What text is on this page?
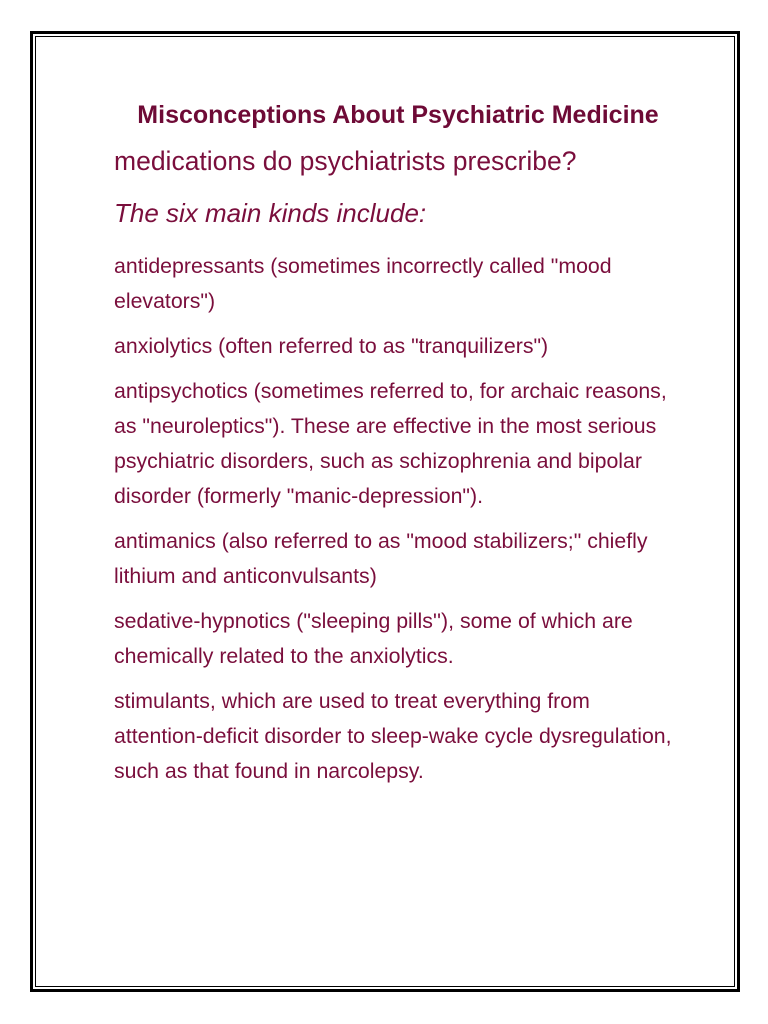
Misconceptions About Psychiatric Medicine

medications do psychiatrists prescribe?

The six main kinds include:

antidepressants (sometimes incorrectly called "mood elevators")
anxiolytics (often referred to as "tranquilizers")
antipsychotics (sometimes referred to, for archaic reasons, as "neuroleptics"). These are effective in the most serious psychiatric disorders, such as schizophrenia and bipolar disorder (formerly "manic-depression").
antimanics (also referred to as "mood stabilizers;" chiefly lithium and anticonvulsants)
sedative-hypnotics ("sleeping pills''), some of which are chemically related to the anxiolytics.
stimulants, which are used to treat everything from attention-deficit disorder to sleep-wake cycle dysregulation, such as that found in narcolepsy.
